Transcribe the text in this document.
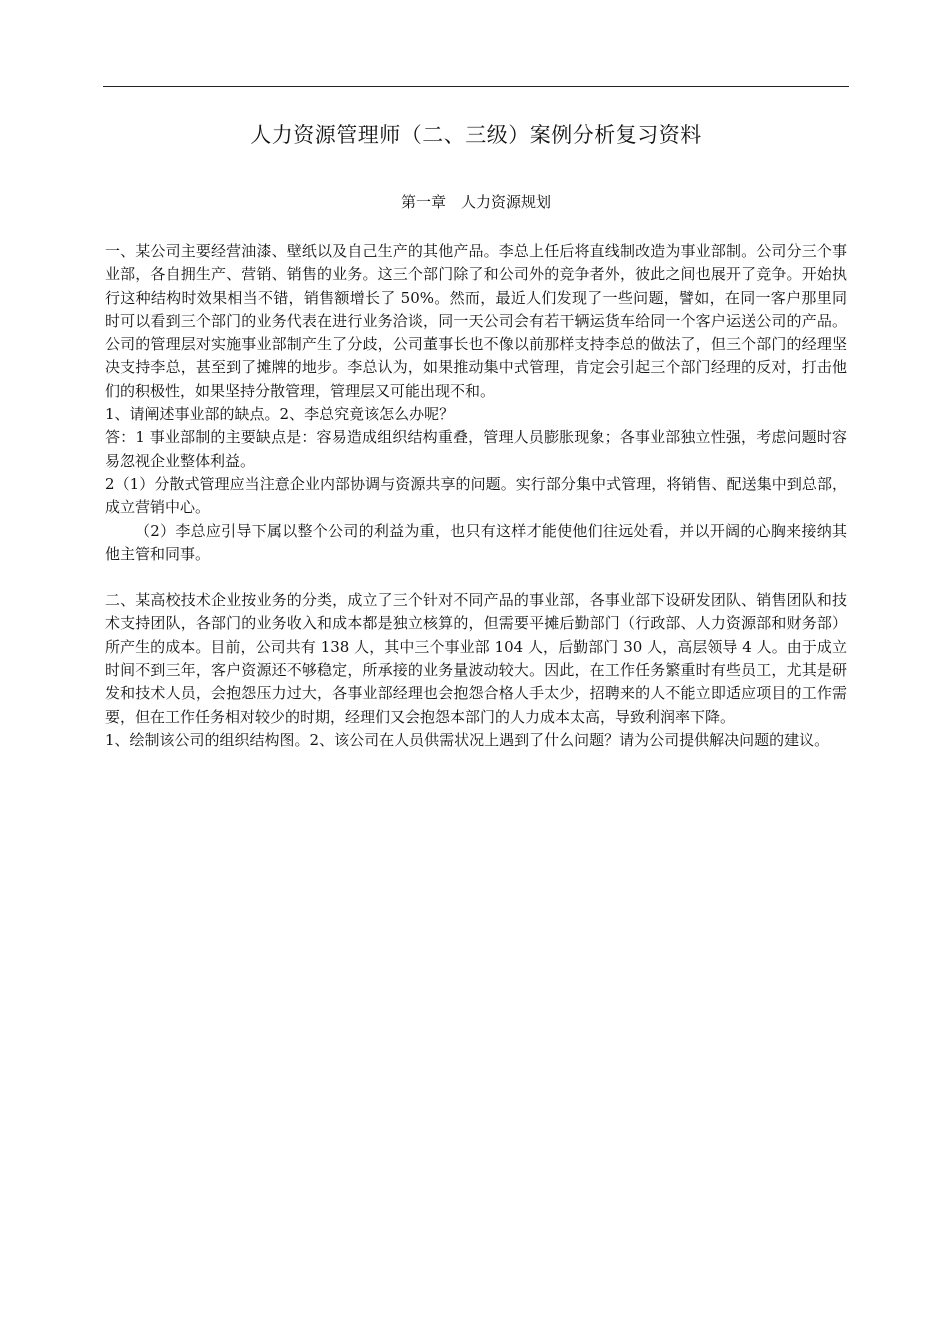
人力资源管理师（二、三级）案例分析复习资料
第一章　人力资源规划

一、某公司主要经营油漆、壁纸以及自己生产的其他产品。李总上任后将直线制改造为事业部制。公司分三个事业部，各自拥生产、营销、销售的业务。这三个部门除了和公司外的竞争者外，彼此之间也展开了竞争。开始执行这种结构时效果相当不错，销售额增长了 50%。然而，最近人们发现了一些问题，譬如，在同一客户那里同时可以看到三个部门的业务代表在进行业务洽谈，同一天公司会有若干辆运货车给同一个客户运送公司的产品。公司的管理层对实施事业部制产生了分歧，公司董事长也不像以前那样支持李总的做法了，但三个部门的经理坚决支持李总，甚至到了摊牌的地步。李总认为，如果推动集中式管理，肯定会引起三个部门经理的反对，打击他们的积极性，如果坚持分散管理，管理层又可能出现不和。

1、请阐述事业部的缺点。2、李总究竟该怎么办呢？

答：1 事业部制的主要缺点是：容易造成组织结构重叠，管理人员膨胀现象；各事业部独立性强，考虑问题时容易忽视企业整体利益。

2（1）分散式管理应当注意企业内部协调与资源共享的问题。实行部分集中式管理，将销售、配送集中到总部，成立营销中心。

（2）李总应引导下属以整个公司的利益为重，也只有这样才能使他们往远处看，并以开阔的心胸来接纳其他主管和同事。

二、某高校技术企业按业务的分类，成立了三个针对不同产品的事业部，各事业部下设研发团队、销售团队和技术支持团队，各部门的业务收入和成本都是独立核算的，但需要平摊后勤部门（行政部、人力资源部和财务部）所产生的成本。目前，公司共有 138 人，其中三个事业部 104 人，后勤部门 30 人，高层领导 4 人。由于成立时间不到三年，客户资源还不够稳定，所承接的业务量波动较大。因此，在工作任务繁重时有些员工，尤其是研发和技术人员，会抱怨压力过大，各事业部经理也会抱怨合格人手太少，招聘来的人不能立即适应项目的工作需要，但在工作任务相对较少的时期，经理们又会抱怨本部门的人力成本太高，导致利润率下降。

1、绘制该公司的组织结构图。2、该公司在人员供需状况上遇到了什么问题？请为公司提供解决问题的建议。
